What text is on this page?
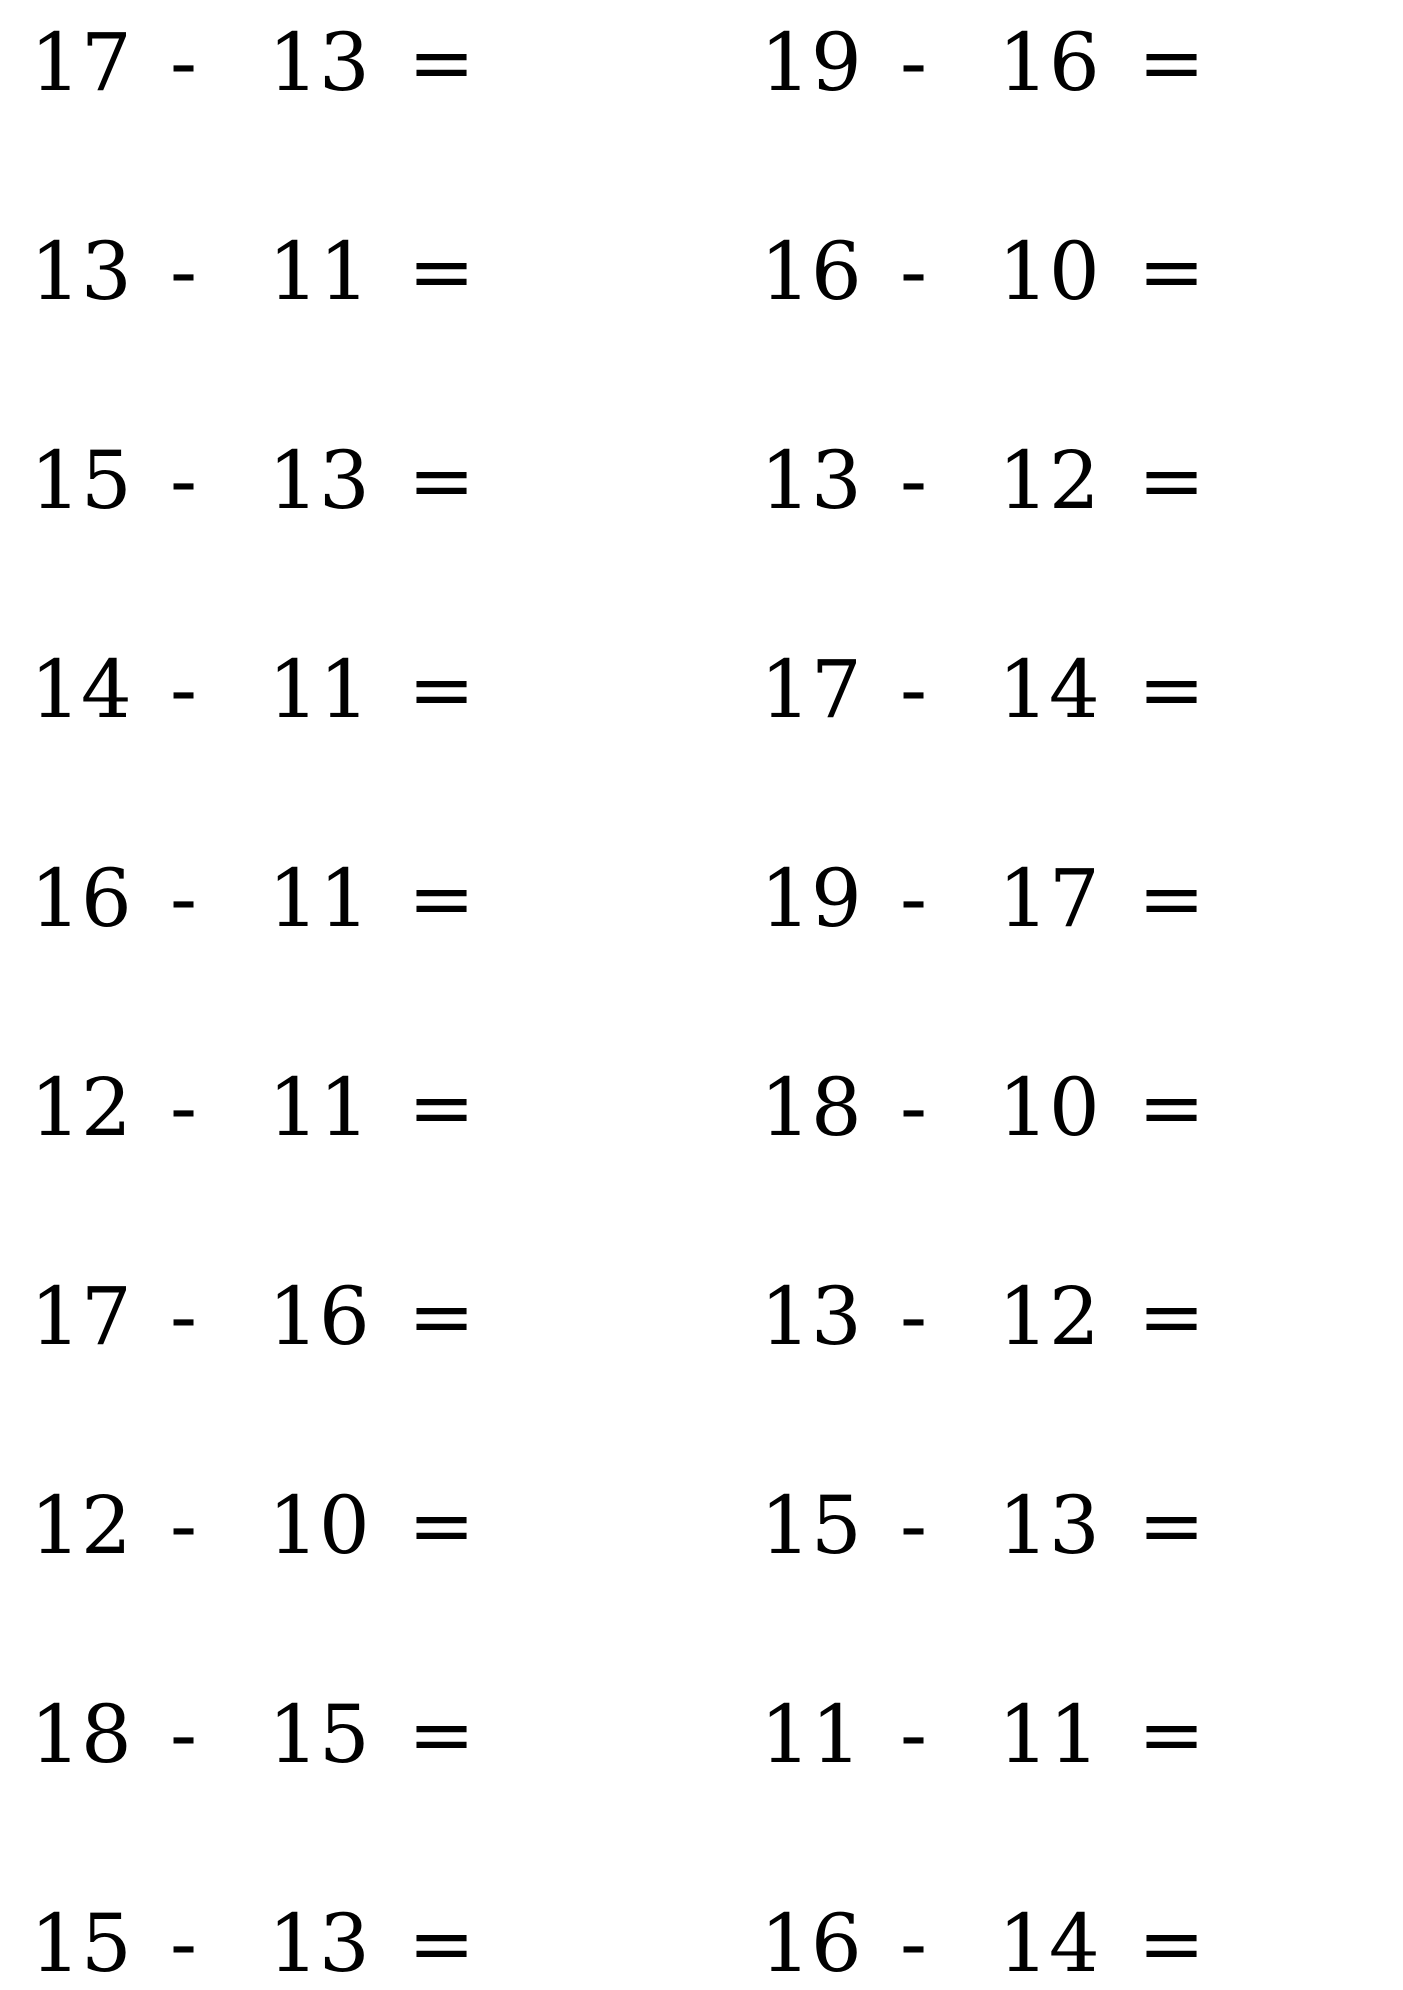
17 - 13 =
13 - 11 =
15 - 13 =
14 - 11 =
16 - 11 =
12 - 11 =
17 - 16 =
12 - 10 =
18 - 15 =
15 - 13 =
19 - 16 =
16 - 10 =
13 - 12 =
17 - 14 =
19 - 17 =
18 - 10 =
13 - 12 =
15 - 13 =
11 - 11 =
16 - 14 =
